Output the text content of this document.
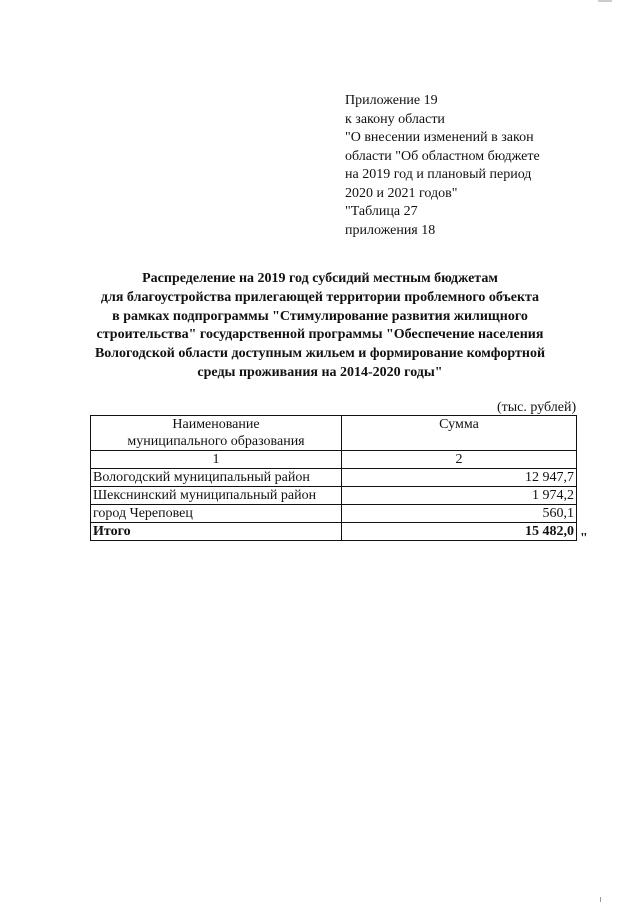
Приложение 19
к закону области
"О внесении изменений в закон
области "Об областном бюджете
на 2019 год и плановый период
2020 и 2021 годов"
"Таблица 27
приложения 18
Распределение на 2019 год субсидий местным бюджетам
для благоустройства прилегающей территории проблемного объекта
в рамках подпрограммы "Стимулирование развития жилищного
строительства" государственной программы "Обеспечение населения
Вологодской области доступным жильем и формирование комфортной
среды проживания на 2014-2020 годы"
(тыс. рублей)
Наименование
муниципального образования	Сумма
1	2
Вологодский муниципальный район	12 947,7
Шекснинский муниципальный район	1 974,2
город Череповец	560,1
Итого	15 482,0 "
